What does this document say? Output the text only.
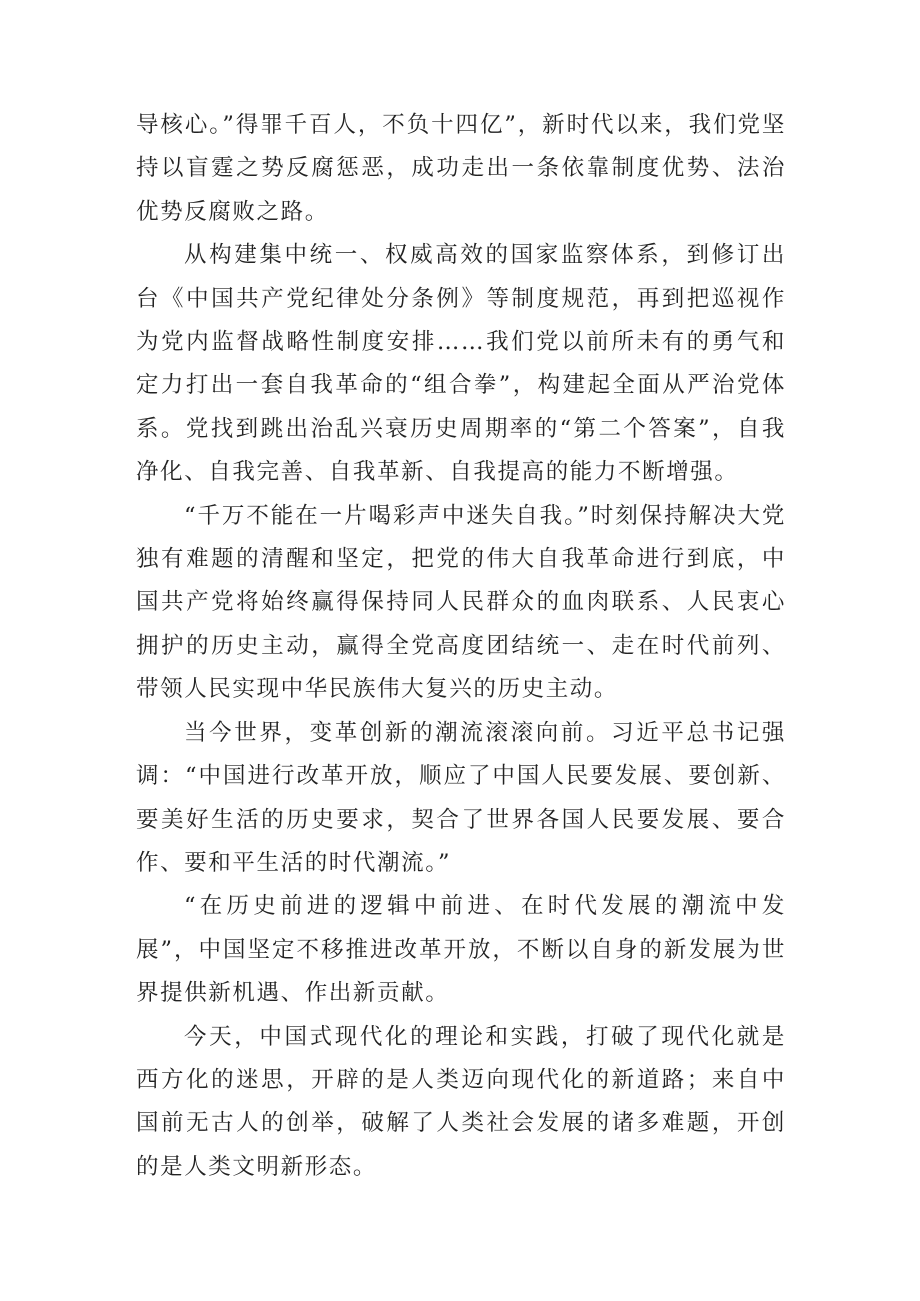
导核心。”得罪千百人，不负十四亿”，新时代以来，我们党坚持以盲霆之势反腐惩恶，成功走出一条依靠制度优势、法治优势反腐败之路。

从构建集中统一、权威高效的国家监察体系，到修订出台《中国共产党纪律处分条例》等制度规范，再到把巡视作为党内监督战略性制度安排……我们党以前所未有的勇气和定力打出一套自我革命的“组合拳”，构建起全面从严治党体系。党找到跳出治乱兴衰历史周期率的“第二个答案”，自我净化、自我完善、自我革新、自我提高的能力不断增强。

“千万不能在一片喝彩声中迷失自我。”时刻保持解决大党独有难题的清醒和坚定，把党的伟大自我革命进行到底，中国共产党将始终赢得保持同人民群众的血肉联系、人民衷心拥护的历史主动，赢得全党高度团结统一、走在时代前列、带领人民实现中华民族伟大复兴的历史主动。

当今世界，变革创新的潮流滚滚向前。习近平总书记强调：“中国进行改革开放，顺应了中国人民要发展、要创新、要美好生活的历史要求，契合了世界各国人民要发展、要合作、要和平生活的时代潮流。”

“在历史前进的逻辑中前进、在时代发展的潮流中发展”，中国坚定不移推进改革开放，不断以自身的新发展为世界提供新机遇、作出新贡献。

今天，中国式现代化的理论和实践，打破了现代化就是西方化的迷思，开辟的是人类迈向现代化的新道路；来自中国前无古人的创举，破解了人类社会发展的诸多难题，开创的是人类文明新形态。
